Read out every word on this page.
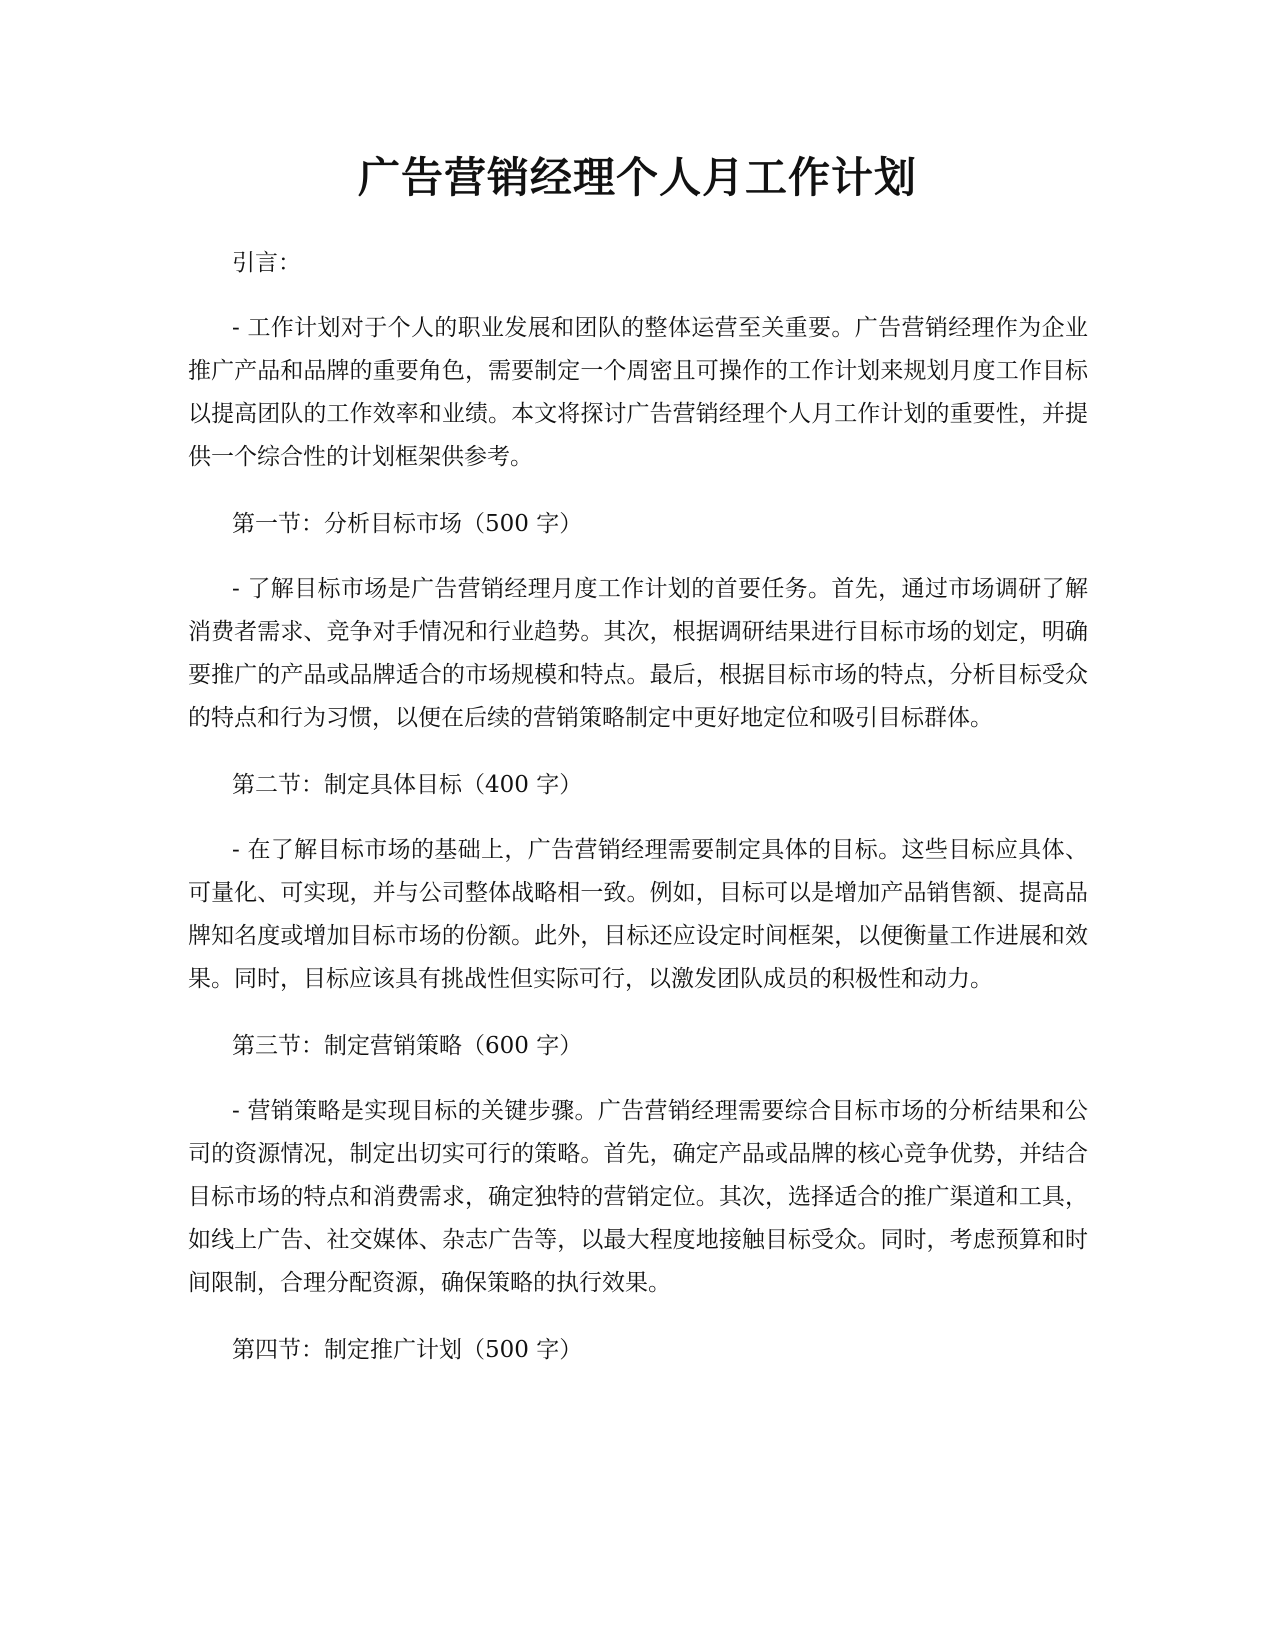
广告营销经理个人月工作计划

引言：

- 工作计划对于个人的职业发展和团队的整体运营至关重要。广告营销经理作为企业推广产品和品牌的重要角色，需要制定一个周密且可操作的工作计划来规划月度工作目标以提高团队的工作效率和业绩。本文将探讨广告营销经理个人月工作计划的重要性，并提供一个综合性的计划框架供参考。

第一节：分析目标市场（500 字）

- 了解目标市场是广告营销经理月度工作计划的首要任务。首先，通过市场调研了解消费者需求、竞争对手情况和行业趋势。其次，根据调研结果进行目标市场的划定，明确要推广的产品或品牌适合的市场规模和特点。最后，根据目标市场的特点，分析目标受众的特点和行为习惯，以便在后续的营销策略制定中更好地定位和吸引目标群体。

第二节：制定具体目标（400 字）

- 在了解目标市场的基础上，广告营销经理需要制定具体的目标。这些目标应具体、可量化、可实现，并与公司整体战略相一致。例如，目标可以是增加产品销售额、提高品牌知名度或增加目标市场的份额。此外，目标还应设定时间框架，以便衡量工作进展和效果。同时，目标应该具有挑战性但实际可行，以激发团队成员的积极性和动力。

第三节：制定营销策略（600 字）

- 营销策略是实现目标的关键步骤。广告营销经理需要综合目标市场的分析结果和公司的资源情况，制定出切实可行的策略。首先，确定产品或品牌的核心竞争优势，并结合目标市场的特点和消费需求，确定独特的营销定位。其次，选择适合的推广渠道和工具，如线上广告、社交媒体、杂志广告等，以最大程度地接触目标受众。同时，考虑预算和时间限制，合理分配资源，确保策略的执行效果。

第四节：制定推广计划（500 字）
